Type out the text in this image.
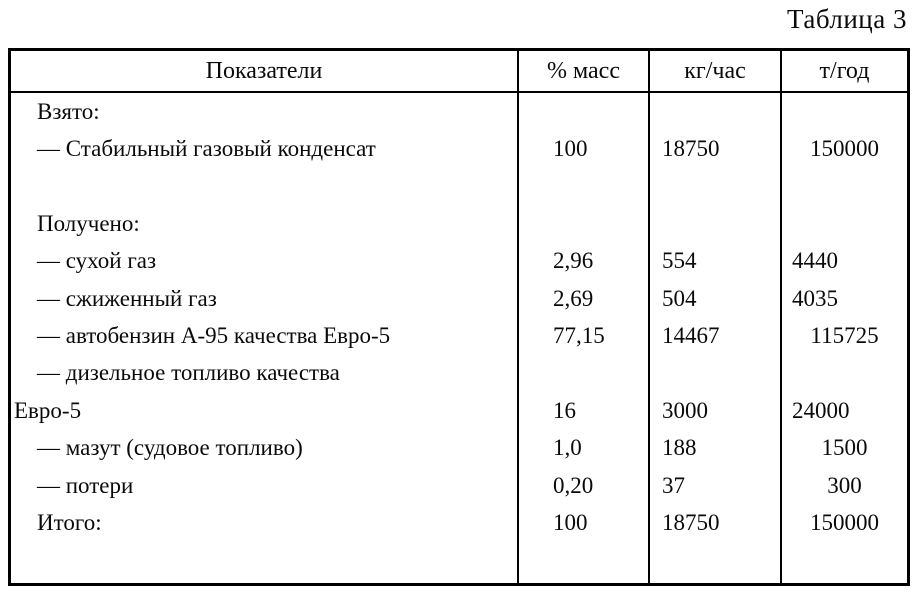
Таблица 3
Показатели	% масс	кг/час	т/год
Взято:
— Стабильный газовый конденсат	100	18750	150000
Получено:
— сухой газ	2,96	554	4440
— сжиженный газ	2,69	504	4035
— автобензин А-95 качества Евро-5	77,15	14467	115725
— дизельное топливо качества
Евро-5	16	3000	24000
— мазут (судовое топливо)	1,0	188	1500
— потери	0,20	37	300
Итого:	100	18750	150000
